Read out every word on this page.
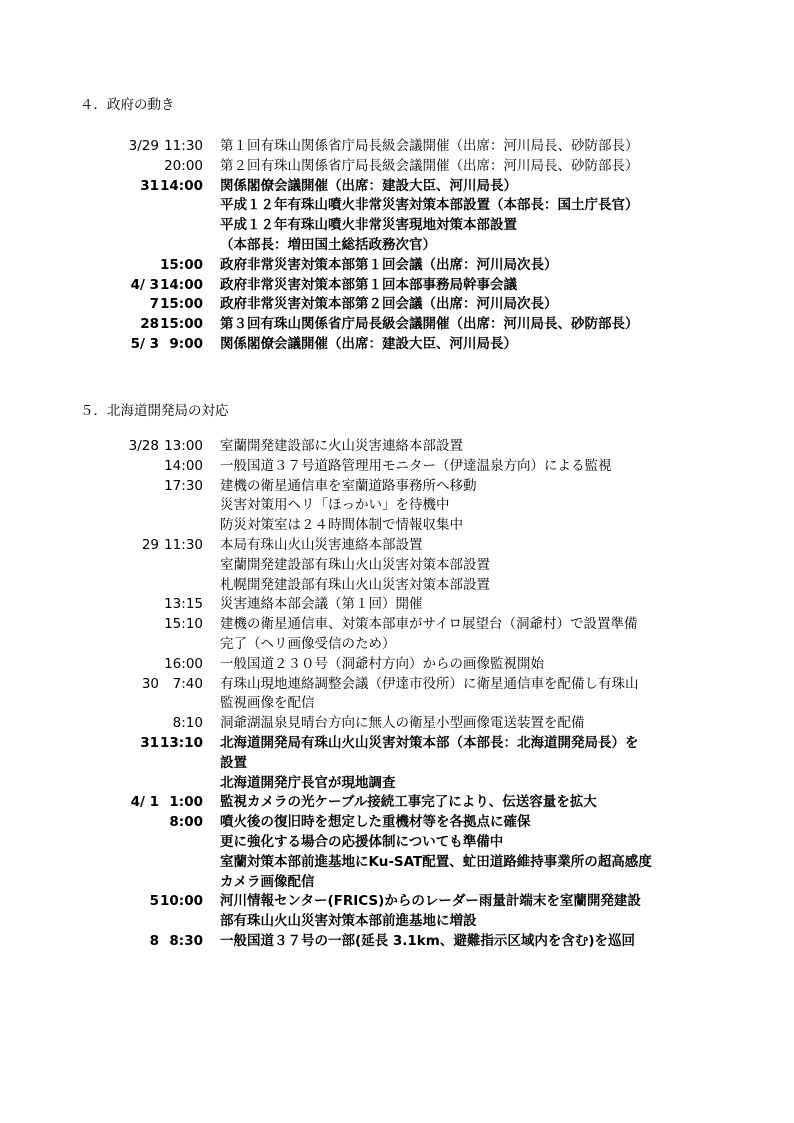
４．政府の動き
3/29 11:30 第１回有珠山関係省庁局長級会議開催（出席：河川局長、砂防部長）
20:00 第２回有珠山関係省庁局長級会議開催（出席：河川局長、砂防部長）
31 14:00 関係閣僚会議開催（出席：建設大臣、河川局長）
平成１２年有珠山噴火非常災害対策本部設置（本部長：国土庁長官）
平成１２年有珠山噴火非常災害現地対策本部設置
（本部長：増田国土総括政務次官）
15:00 政府非常災害対策本部第１回会議（出席：河川局次長）
4/ 3 14:00 政府非常災害対策本部第１回本部事務局幹事会議
7 15:00 政府非常災害対策本部第２回会議（出席：河川局次長）
28 15:00 第３回有珠山関係省庁局長級会議開催（出席：河川局長、砂防部長）
5/ 3 9:00 関係閣僚会議開催（出席：建設大臣、河川局長）
５．北海道開発局の対応
3/28 13:00 室蘭開発建設部に火山災害連絡本部設置
14:00 一般国道３７号道路管理用モニター（伊達温泉方向）による監視
17:30 建機の衛星通信車を室蘭道路事務所へ移動
災害対策用ヘリ「ほっかい」を待機中
防災対策室は２４時間体制で情報収集中
29 11:30 本局有珠山火山災害連絡本部設置
室蘭開発建設部有珠山火山災害対策本部設置
札幌開発建設部有珠山火山災害対策本部設置
13:15 災害連絡本部会議（第１回）開催
15:10 建機の衛星通信車、対策本部車がサイロ展望台（洞爺村）で設置準備
完了（ヘリ画像受信のため）
16:00 一般国道２３０号（洞爺村方向）からの画像監視開始
30 7:40 有珠山現地連絡調整会議（伊達市役所）に衛星通信車を配備し有珠山
監視画像を配信
8:10 洞爺湖温泉見晴台方向に無人の衛星小型画像電送装置を配備
31 13:10 北海道開発局有珠山火山災害対策本部（本部長：北海道開発局長）を
設置
北海道開発庁長官が現地調査
4/ 1 1:00 監視カメラの光ケーブル接続工事完了により、伝送容量を拡大
8:00 噴火後の復旧時を想定した重機材等を各拠点に確保
更に強化する場合の応援体制についても準備中
室蘭対策本部前進基地にKu-SAT配置、虻田道路維持事業所の超高感度
カメラ画像配信
5 10:00 河川情報センター(FRICS)からのレーダー雨量計端末を室蘭開発建設
部有珠山火山災害対策本部前進基地に増設
8 8:30 一般国道３７号の一部(延長 3.1km、避難指示区域内を含む)を巡回
